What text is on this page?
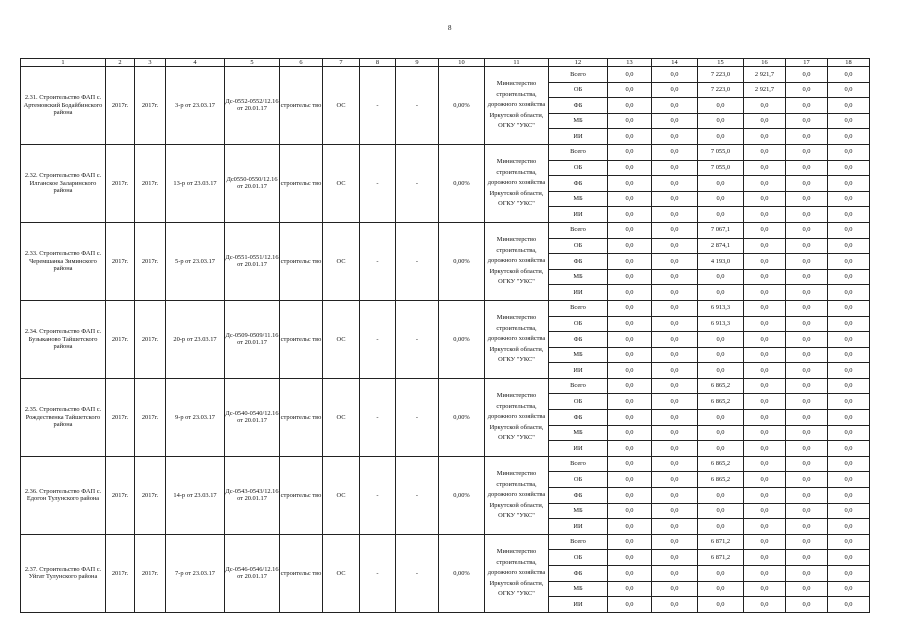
8
1	2	3	4	5	6	7	8	9	10	11	12	13	14	15	16	17	18
2.31. Строительство ФАП с. Артемовский Бодайбинского района	2017г.	2017г.	3-р от 23.03.17	Дс-0552-0552/12.16 от 20.01.17	строительс тво	ОС	-	-	0,00%	Министерство строительства, дорожного хозяйства Иркутской области, ОГКУ "УКС"	Всего	0,0	0,0	7 223,0	2 921,7	0,0	0,0
											ОБ	0,0	0,0	7 223,0	2 921,7	0,0	0,0
											ФБ	0,0	0,0	0,0	0,0	0,0	0,0
											МБ	0,0	0,0	0,0	0,0	0,0	0,0
											ИИ	0,0	0,0	0,0	0,0	0,0	0,0
2.32. Строительство ФАП с. Илганское Заларинского района	2017г.	2017г.	13-р от 23.03.17	Дс0550-0550/12.16 от 20.01.17	строительс тво	ОС	-	-	0,00%	Министерство строительства, дорожного хозяйства Иркутской области, ОГКУ "УКС"	Всего	0,0	0,0	7 055,0	0,0	0,0	0,0
											ОБ	0,0	0,0	7 055,0	0,0	0,0	0,0
											ФБ	0,0	0,0	0,0	0,0	0,0	0,0
											МБ	0,0	0,0	0,0	0,0	0,0	0,0
											ИИ	0,0	0,0	0,0	0,0	0,0	0,0
2.33. Строительство ФАП с. Черемшанка Зиминского района	2017г.	2017г.	5-р от 23.03.17	Дс-0551-0551/12.16 от 20.01.17	строительс тво	ОС	-	-	0,00%	Министерство строительства, дорожного хозяйства Иркутской области, ОГКУ "УКС"	Всего	0,0	0,0	7 067,1	0,0	0,0	0,0
											ОБ	0,0	0,0	2 874,1	0,0	0,0	0,0
											ФБ	0,0	0,0	4 193,0	0,0	0,0	0,0
											МБ	0,0	0,0	0,0	0,0	0,0	0,0
											ИИ	0,0	0,0	0,0	0,0	0,0	0,0
2.34. Строительство ФАП с. Бузыканово Тайшетского района	2017г.	2017г.	20-р от 23.03.17	Дс-0509-0509/11.16 от 20.01.17	строительс тво	ОС	-	-	0,00%	Министерство строительства, дорожного хозяйства Иркутской области, ОГКУ "УКС"	Всего	0,0	0,0	6 913,3	0,0	0,0	0,0
											ОБ	0,0	0,0	6 913,3	0,0	0,0	0,0
											ФБ	0,0	0,0	0,0	0,0	0,0	0,0
											МБ	0,0	0,0	0,0	0,0	0,0	0,0
											ИИ	0,0	0,0	0,0	0,0	0,0	0,0
2.35. Строительство ФАП с. Рождественка Тайшетского района	2017г.	2017г.	9-р от 23.03.17	Дс-0540-0540/12.16 от 20.01.17	строительс тво	ОС	-	-	0,00%	Министерство строительства, дорожного хозяйства Иркутской области, ОГКУ "УКС"	Всего	0,0	0,0	6 865,2	0,0	0,0	0,0
											ОБ	0,0	0,0	6 865,2	0,0	0,0	0,0
											ФБ	0,0	0,0	0,0	0,0	0,0	0,0
											МБ	0,0	0,0	0,0	0,0	0,0	0,0
											ИИ	0,0	0,0	0,0	0,0	0,0	0,0
2.36. Строительство ФАП с. Едогон Тулунского района	2017г.	2017г.	14-р от 23.03.17	Дс-0543-0543/12.16 от 20.01.17	строительс тво	ОС	-	-	0,00%	Министерство строительства, дорожного хозяйства Иркутской области, ОГКУ "УКС"	Всего	0,0	0,0	6 865,2	0,0	0,0	0,0
											ОБ	0,0	0,0	6 865,2	0,0	0,0	0,0
											ФБ	0,0	0,0	0,0	0,0	0,0	0,0
											МБ	0,0	0,0	0,0	0,0	0,0	0,0
											ИИ	0,0	0,0	0,0	0,0	0,0	0,0
2.37. Строительство ФАП с. Уйгат Тулунского района	2017г.	2017г.	7-р от 23.03.17	Дс-0546-0546/12.16 от 20.01.17	строительс тво	ОС	-	-	0,00%	Министерство строительства, дорожного хозяйства Иркутской области, ОГКУ "УКС"	Всего	0,0	0,0	6 871,2	0,0	0,0	0,0
											ОБ	0,0	0,0	6 871,2	0,0	0,0	0,0
											ФБ	0,0	0,0	0,0	0,0	0,0	0,0
											МБ	0,0	0,0	0,0	0,0	0,0	0,0
											ИИ	0,0	0,0	0,0	0,0	0,0	0,0
